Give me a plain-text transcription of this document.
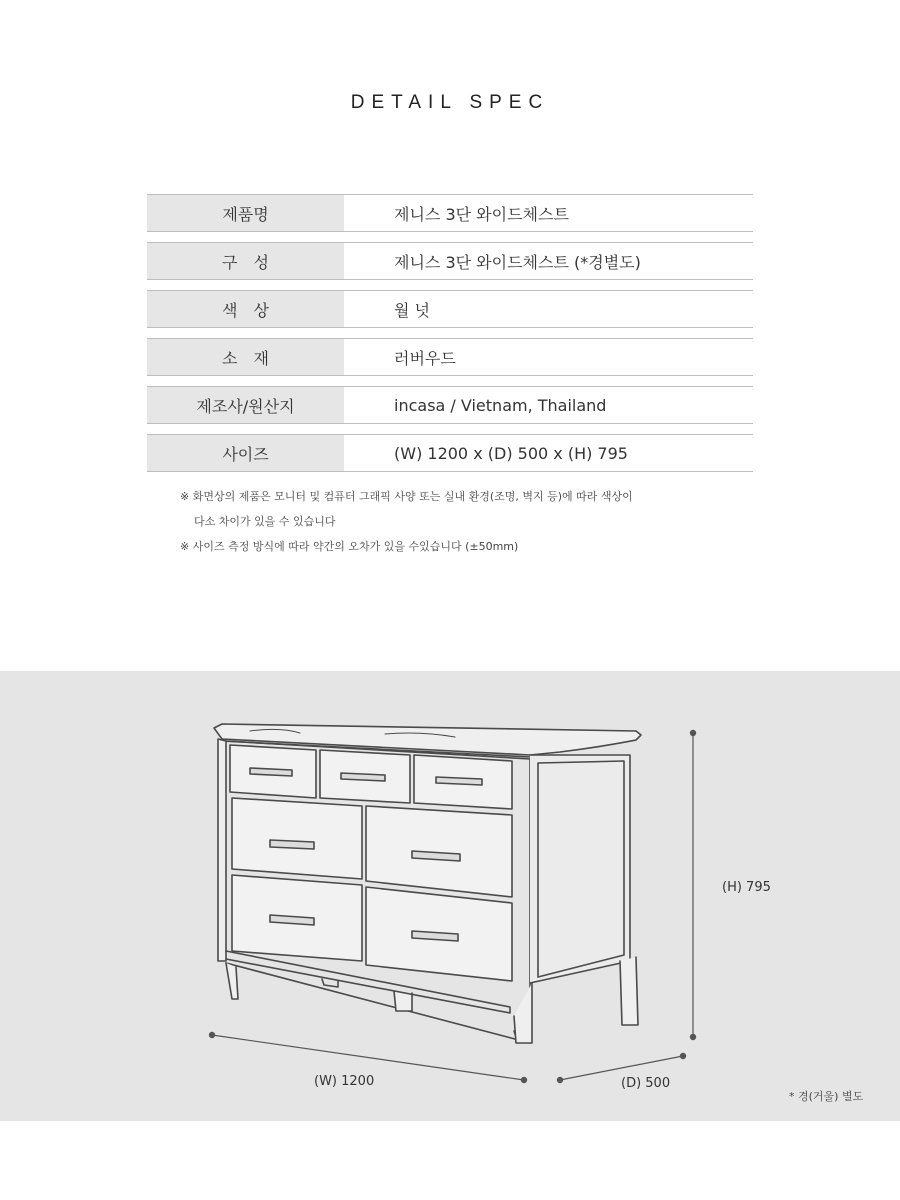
DETAIL SPEC
제품명	제니스 3단 와이드체스트
구　성	제니스 3단 와이드체스트 (*경별도)
색　상	월 넛
소　재	러버우드
제조사/원산지	incasa / Vietnam, Thailand
사이즈	(W) 1200 x (D) 500 x (H) 795
※ 화면상의 제품은 모니터 및 컴퓨터 그래픽 사양 또는 실내 환경(조명, 벽지 등)에 따라 색상이
다소 차이가 있을 수 있습니다
※ 사이즈 측정 방식에 따라 약간의 오차가 있을 수있습니다 (±50mm)
(H) 795
(W) 1200	(D) 500
* 경(거울) 별도
